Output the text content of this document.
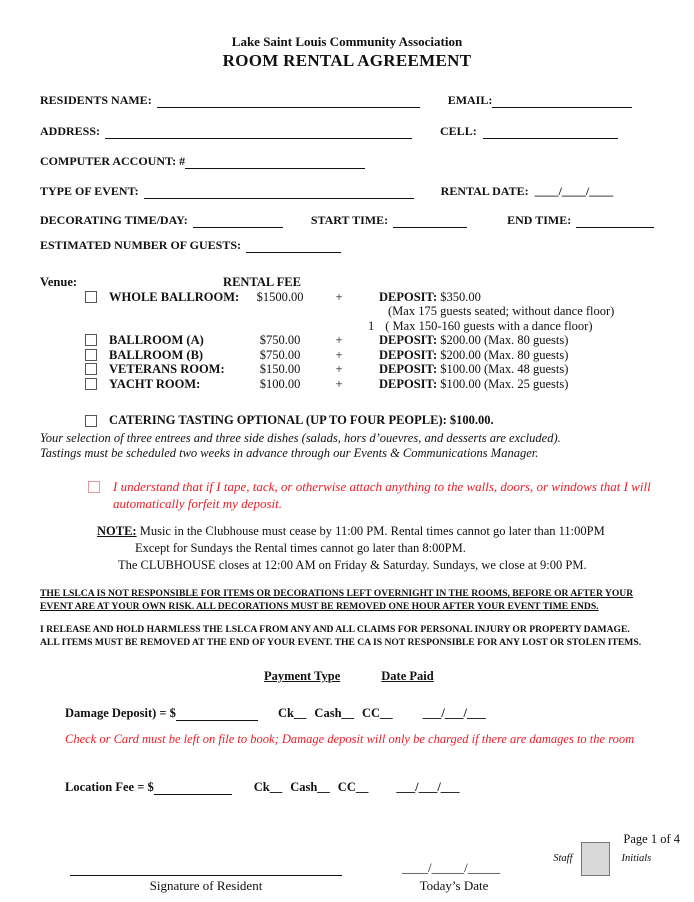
Lake Saint Louis Community Association
ROOM RENTAL AGREEMENT
RESIDENTS NAME:	EMAIL:
ADDRESS:	CELL:
COMPUTER ACCOUNT: #
TYPE OF EVENT:	RENTAL DATE: ____/____/____
DECORATING TIME/DAY:	START TIME:	END TIME:
ESTIMATED NUMBER OF GUESTS:
Venue:	RENTAL FEE
WHOLE BALLROOM:	$1500.00	+	DEPOSIT: $350.00
(Max 175 guests seated; without dance floor)
1 ( Max 150-160 guests with a dance floor)
BALLROOM (A)	$750.00	+	DEPOSIT: $200.00 (Max. 80 guests)
BALLROOM (B)	$750.00	+	DEPOSIT: $200.00 (Max. 80 guests)
VETERANS ROOM:	$150.00	+	DEPOSIT: $100.00 (Max. 48 guests)
YACHT ROOM:	$100.00	+	DEPOSIT: $100.00 (Max. 25 guests)
CATERING TASTING OPTIONAL (UP TO FOUR PEOPLE): $100.00.
Your selection of three entrees and three side dishes (salads, hors d’ouevres, and desserts are excluded).
Tastings must be scheduled two weeks in advance through our Events & Communications Manager.
I understand that if I tape, tack, or otherwise attach anything to the walls, doors, or windows that I will automatically forfeit my deposit.
NOTE: Music in the Clubhouse must cease by 11:00 PM. Rental times cannot go later than 11:00PM
Except for Sundays the Rental times cannot go later than 8:00PM.
The CLUBHOUSE closes at 12:00 AM on Friday & Saturday. Sundays, we close at 9:00 PM.
THE LSLCA IS NOT RESPONSIBLE FOR ITEMS OR DECORATIONS LEFT OVERNIGHT IN THE ROOMS, BEFORE OR AFTER YOUR EVENT ARE AT YOUR OWN RISK. ALL DECORATIONS MUST BE REMOVED ONE HOUR AFTER YOUR EVENT TIME ENDS.
I RELEASE AND HOLD HARMLESS THE LSLCA FROM ANY AND ALL CLAIMS FOR PERSONAL INJURY OR PROPERTY DAMAGE.
ALL ITEMS MUST BE REMOVED AT THE END OF YOUR EVENT. THE CA IS NOT RESPONSIBLE FOR ANY LOST OR STOLEN ITEMS.
Payment Type	Date Paid
Damage Deposit) = $	Ck__ Cash__ CC__ ___/___/___
Check or Card must be left on file to book; Damage deposit will only be charged if there are damages to the room
Location Fee = $	Ck__ Cash__ CC__ ___/___/___
____/_____/_____
Staff	Initials
Signature of Resident	Today’s Date
Page 1 of 4
